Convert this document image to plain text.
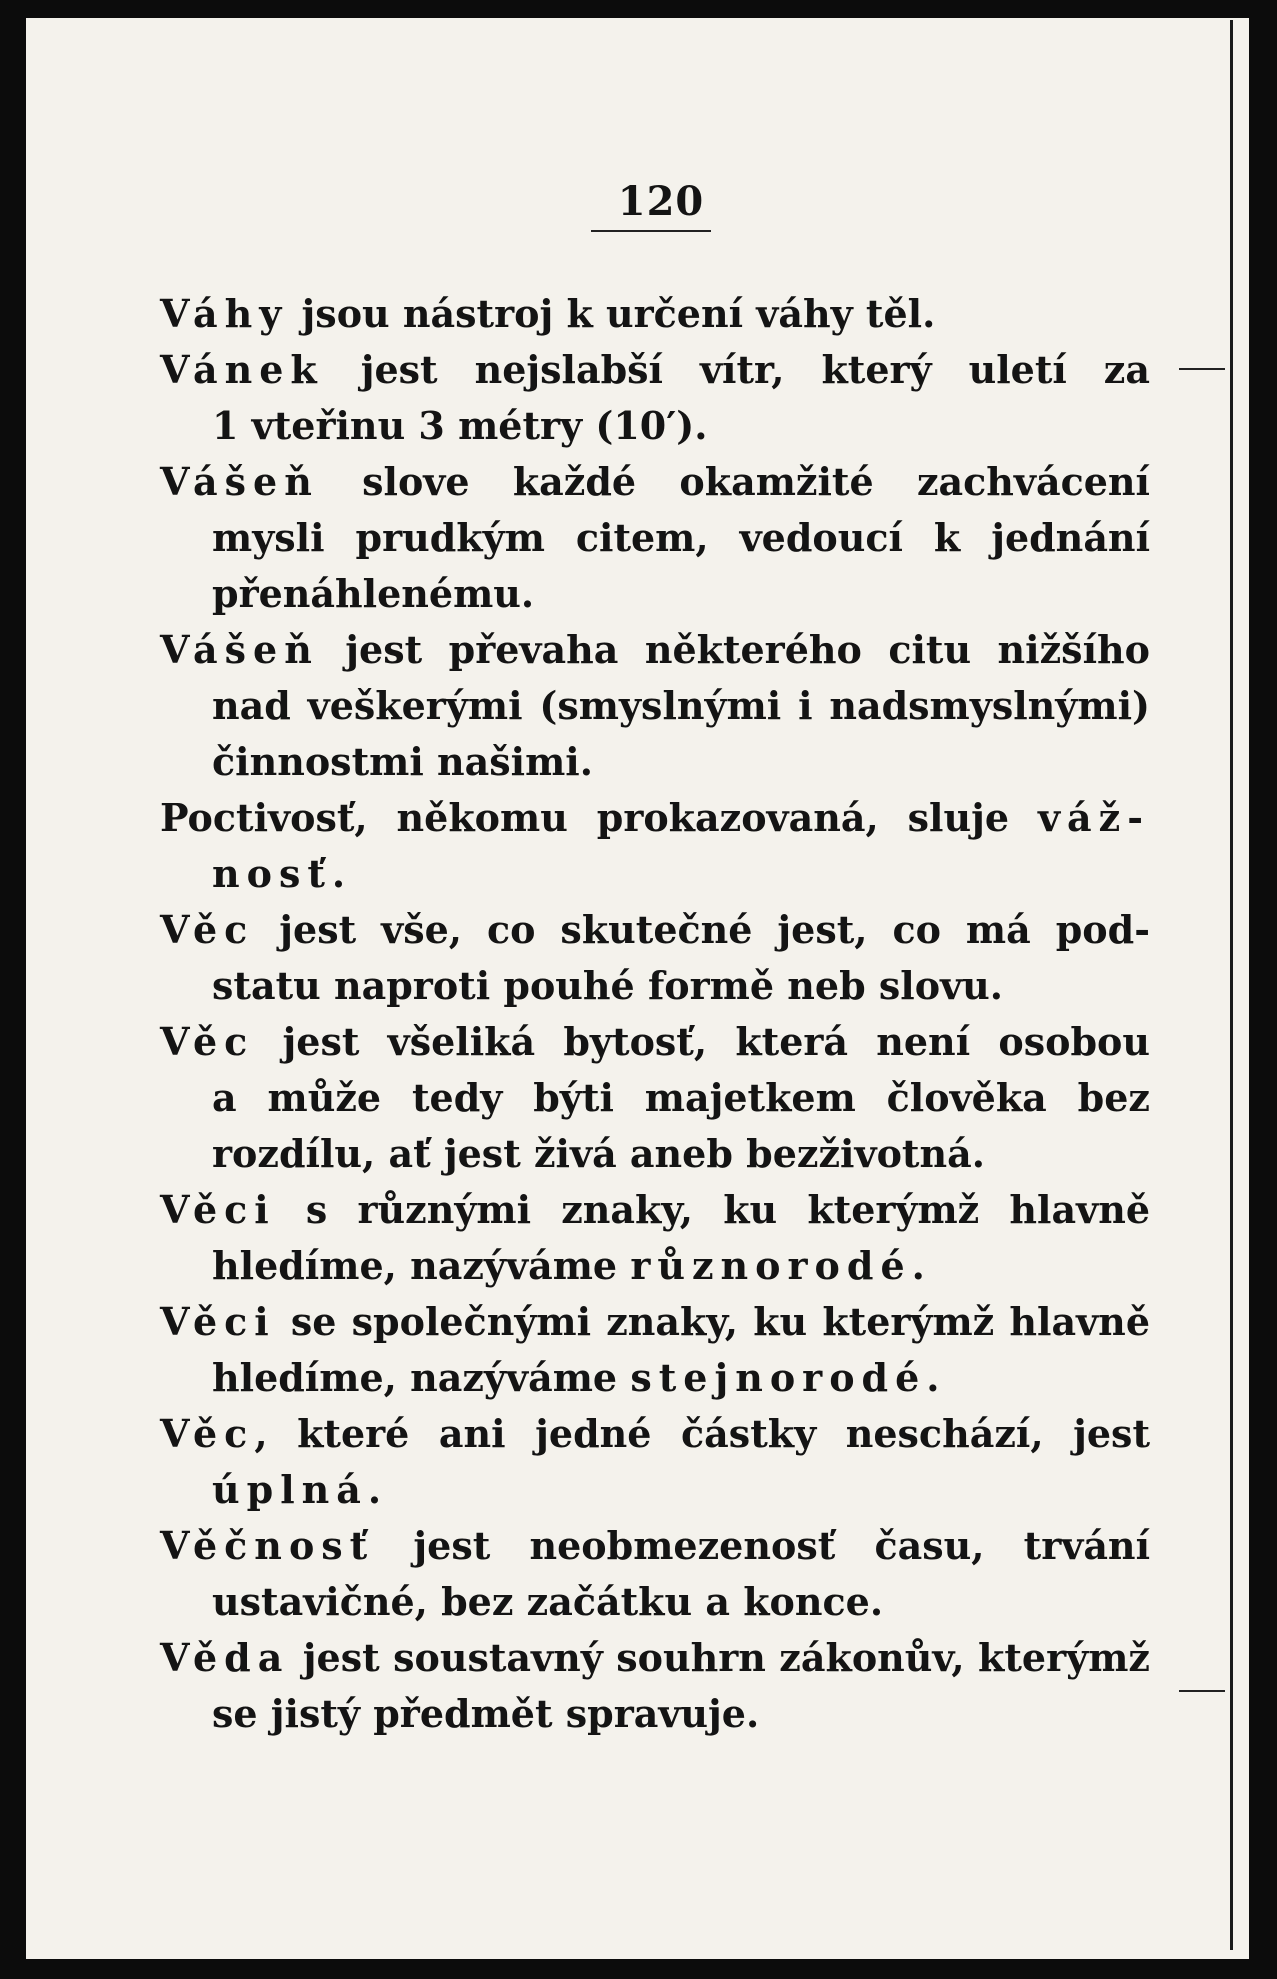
120
Váhy jsou nástroj k určení váhy těl.
Vánek jest nejslabší vítr, který uletí za
1 vteřinu 3 métry (10′).
Vášeň slove každé okamžité zachvácení
mysli prudkým citem, vedoucí k jednání
přenáhlenému.
Vášeň jest převaha některého citu nižšího
nad veškerými (smyslnými i nadsmyslnými)
činnostmi našimi.
Poctivosť, někomu prokazovaná, sluje váž-
nosť.
Věc jest vše, co skutečné jest, co má pod-
statu naproti pouhé formě neb slovu.
Věc jest všeliká bytosť, která není osobou
a může tedy býti majetkem člověka bez
rozdílu, ať jest živá aneb bezživotná.
Věci s různými znaky, ku kterýmž hlavně
hledíme, nazýváme různorodé.
Věci se společnými znaky, ku kterýmž hlavně
hledíme, nazýváme stejnorodé.
Věc, které ani jedné částky neschází, jest
úplná.
Věčnosť jest neobmezenosť času, trvání
ustavičné, bez začátku a konce.
Věda jest soustavný souhrn zákonův, kterýmž
se jistý předmět spravuje.
